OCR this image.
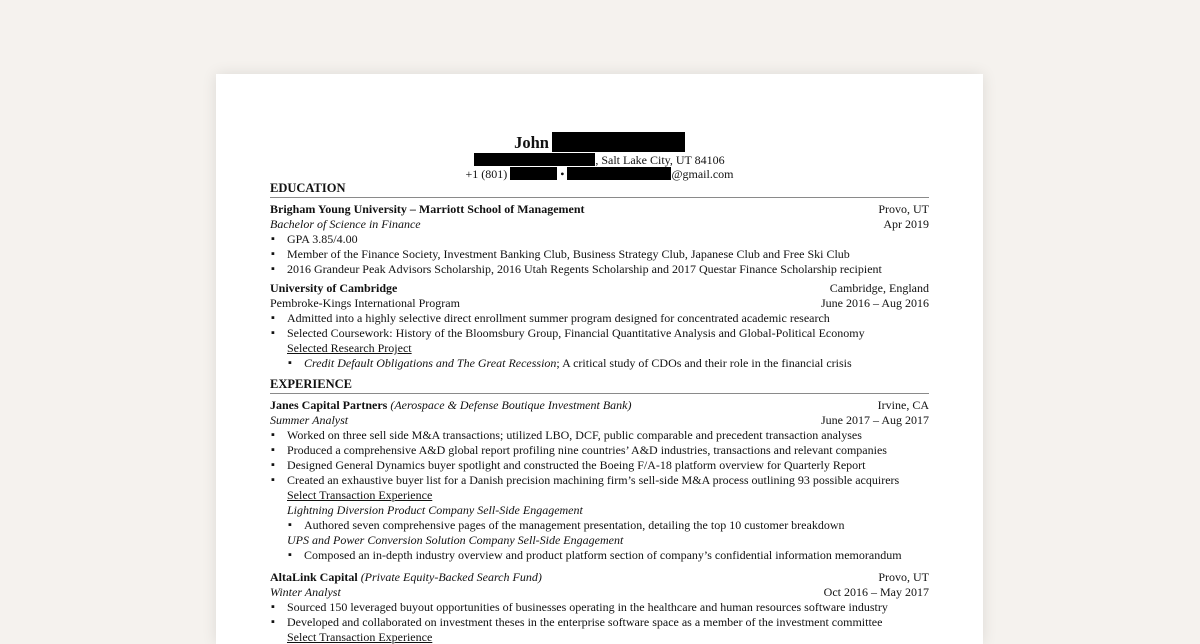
John
, Salt Lake City, UT 84106
+1 (801)	•	@gmail.com
EDUCATION
Brigham Young University – Marriott School of Management	Provo, UT
Bachelor of Science in Finance	Apr 2019
▪ GPA 3.85/4.00
▪ Member of the Finance Society, Investment Banking Club, Business Strategy Club, Japanese Club and Free Ski Club
▪ 2016 Grandeur Peak Advisors Scholarship, 2016 Utah Regents Scholarship and 2017 Questar Finance Scholarship recipient
University of Cambridge	Cambridge, England
Pembroke-Kings International Program	June 2016 – Aug 2016
▪ Admitted into a highly selective direct enrollment summer program designed for concentrated academic research
▪ Selected Coursework: History of the Bloomsbury Group, Financial Quantitative Analysis and Global-Political Economy
Selected Research Project
▪ Credit Default Obligations and The Great Recession; A critical study of CDOs and their role in the financial crisis
EXPERIENCE
Janes Capital Partners (Aerospace & Defense Boutique Investment Bank)	Irvine, CA
Summer Analyst	June 2017 – Aug 2017
▪ Worked on three sell side M&A transactions; utilized LBO, DCF, public comparable and precedent transaction analyses
▪ Produced a comprehensive A&D global report profiling nine countries’ A&D industries, transactions and relevant companies
▪ Designed General Dynamics buyer spotlight and constructed the Boeing F/A-18 platform overview for Quarterly Report
▪ Created an exhaustive buyer list for a Danish precision machining firm’s sell-side M&A process outlining 93 possible acquirers
Select Transaction Experience
Lightning Diversion Product Company Sell-Side Engagement
▪ Authored seven comprehensive pages of the management presentation, detailing the top 10 customer breakdown
UPS and Power Conversion Solution Company Sell-Side Engagement
▪ Composed an in-depth industry overview and product platform section of company’s confidential information memorandum
AltaLink Capital (Private Equity-Backed Search Fund)	Provo, UT
Winter Analyst	Oct 2016 – May 2017
▪ Sourced 150 leveraged buyout opportunities of businesses operating in the healthcare and human resources software industry
▪ Developed and collaborated on investment theses in the enterprise software space as a member of the investment committee
Select Transaction Experience
